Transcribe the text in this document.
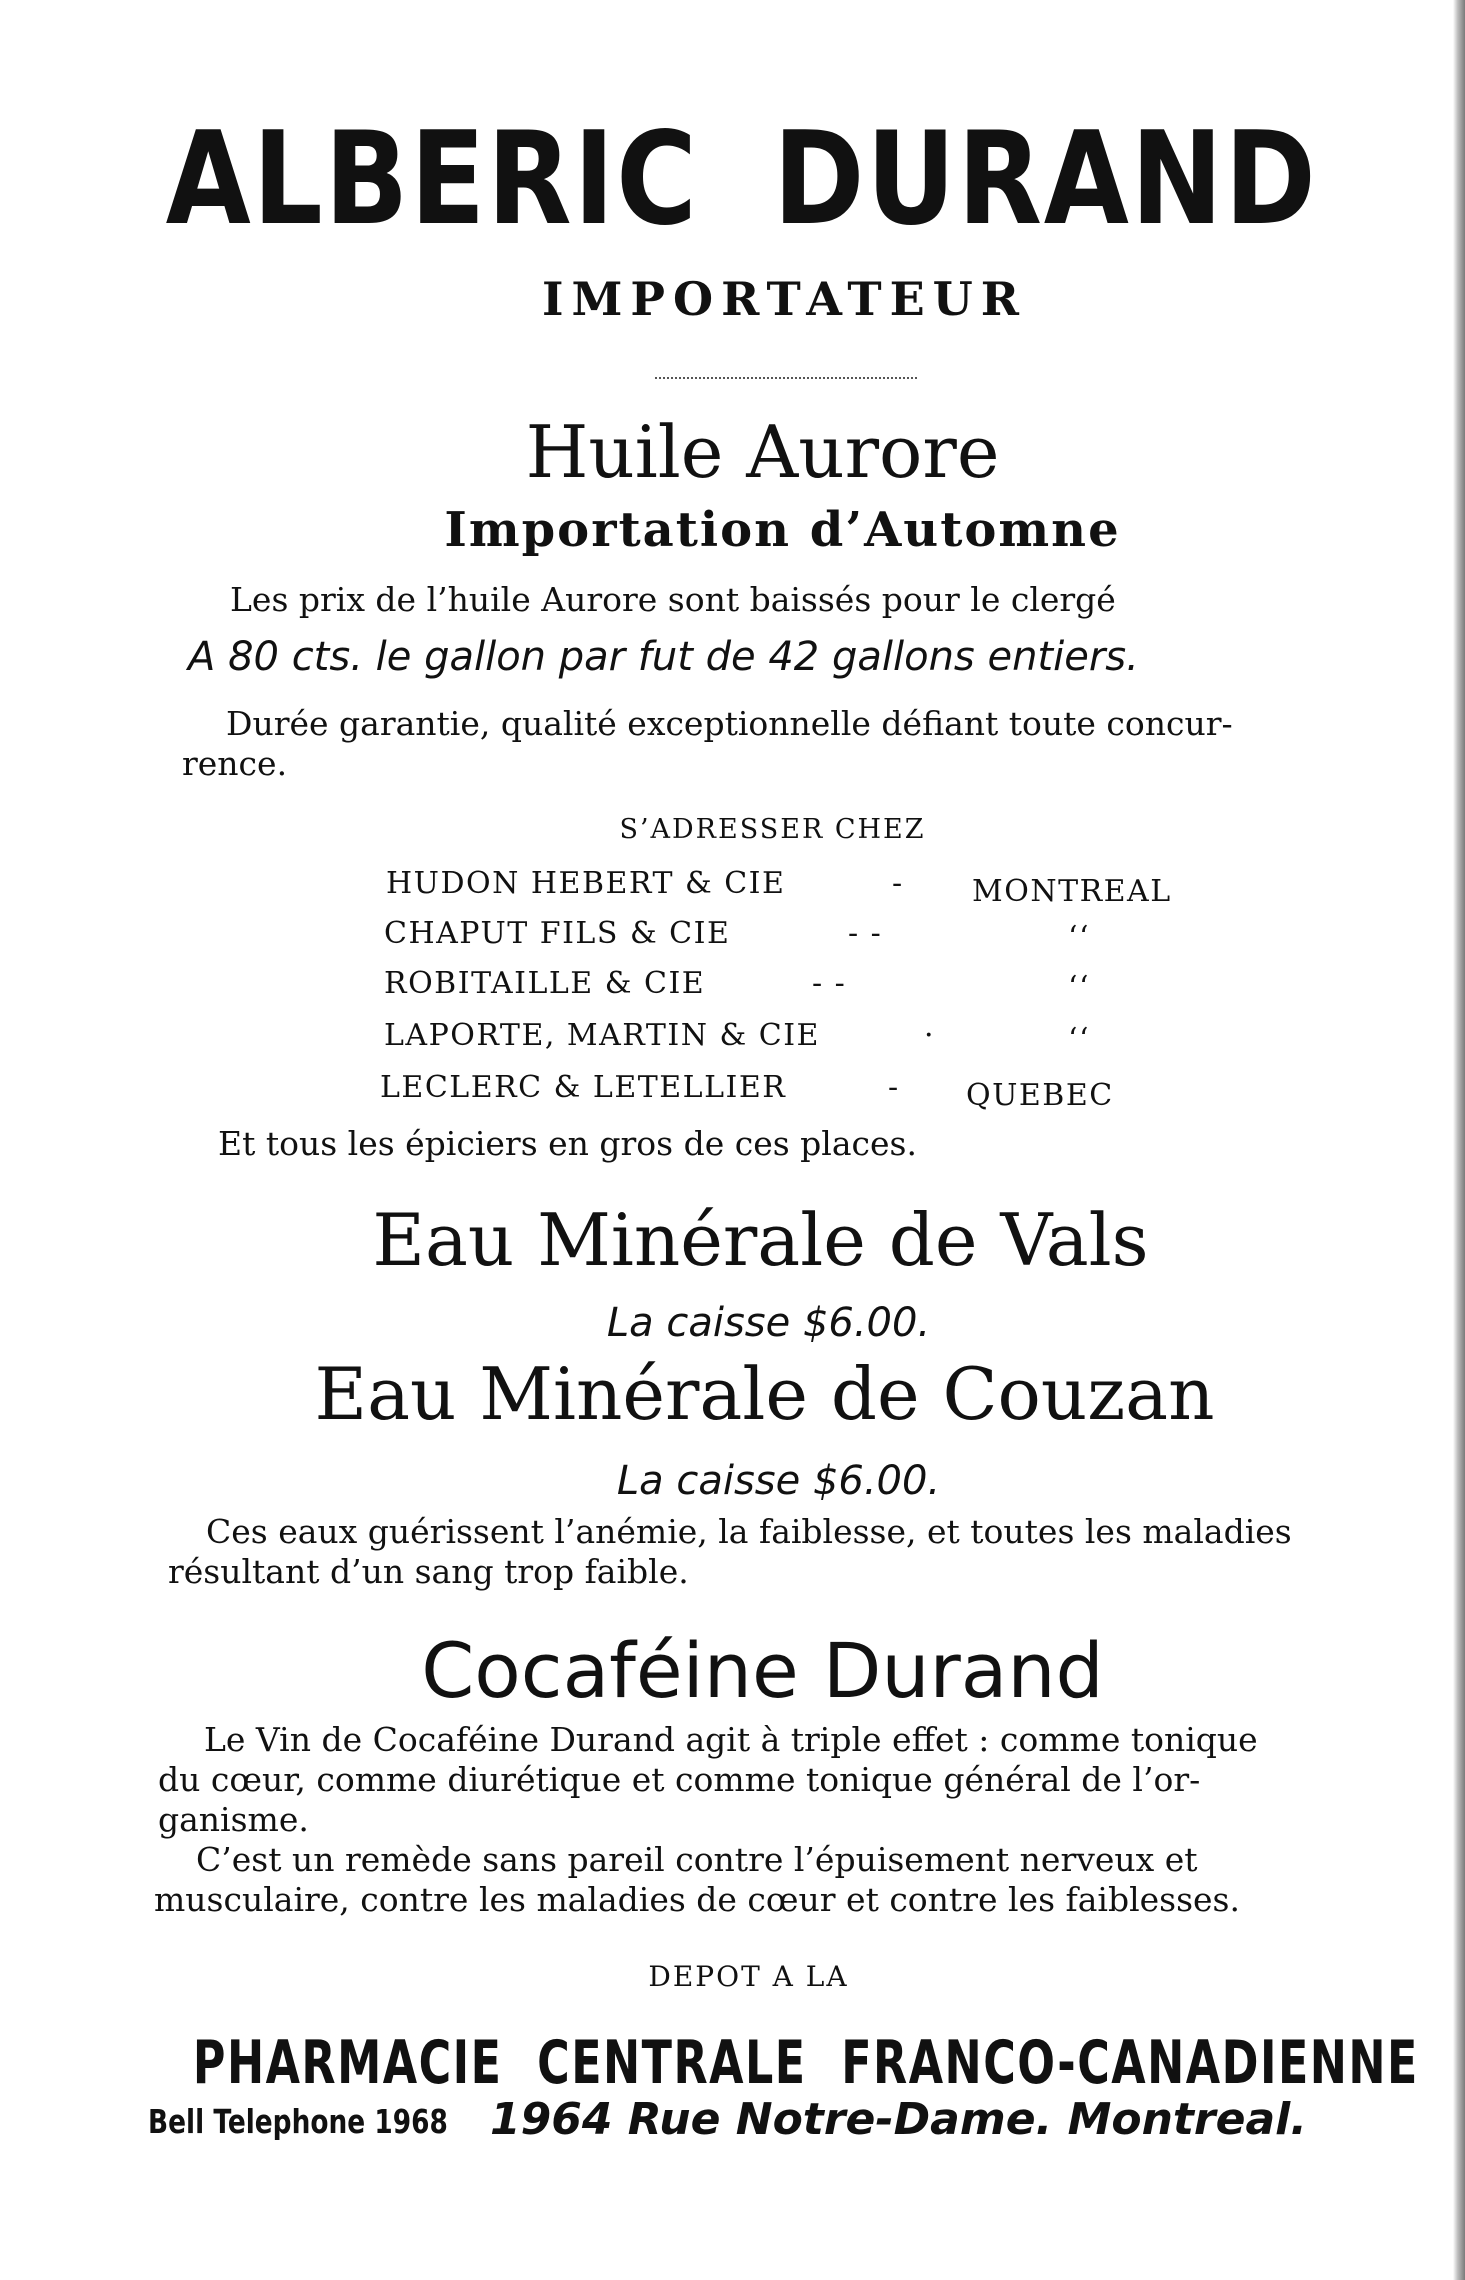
ALBERIC DURAND
IMPORTATEUR
Huile Aurore
Importation d’Automne
Les prix de l’huile Aurore sont baissés pour le clergé
A 80 cts. le gallon par fut de 42 gallons entiers.
Durée garantie, qualité exceptionnelle défiant toute concur-
rence.
S’ADRESSER CHEZ
HUDON HEBERT & CIE	- MONTREAL
CHAPUT FILS & CIE	- -	‘‘
ROBITAILLE & CIE	- -	‘‘
LAPORTE, MARTIN & CIE	·	‘‘
LECLERC & LETELLIER	- QUEBEC
Et tous les épiciers en gros de ces places.
Eau Minérale de Vals
La caisse $6.00.
Eau Minérale de Couzan
La caisse $6.00.
Ces eaux guérissent l’anémie, la faiblesse, et toutes les maladies
résultant d’un sang trop faible.
Cocaféine Durand
Le Vin de Cocaféine Durand agit à triple effet : comme tonique
du cœur, comme diurétique et comme tonique général de l’or-
ganisme.
C’est un remède sans pareil contre l’épuisement nerveux et
musculaire, contre les maladies de cœur et contre les faiblesses.
DEPOT A LA
PHARMACIE CENTRALE FRANCO-CANADIENNE
Bell Telephone 1968 1964 Rue Notre-Dame. Montreal.
